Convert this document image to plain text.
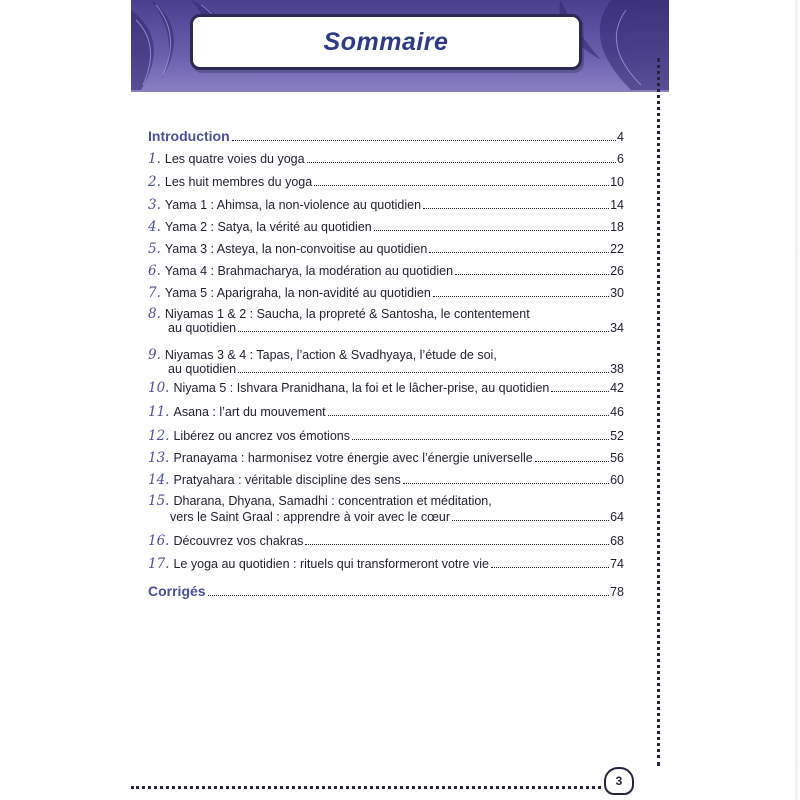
Sommaire
3
Introduction	4
1. Les quatre voies du yoga	6
2. Les huit membres du yoga	10
3. Yama 1 : Ahimsa, la non-violence au quotidien	14
4. Yama 2 : Satya, la vérité au quotidien	18
5. Yama 3 : Asteya, la non-convoitise au quotidien	22
6. Yama 4 : Brahmacharya, la modération au quotidien	26
7. Yama 5 : Aparigraha, la non-avidité au quotidien	30
8. Niyamas 1 & 2 : Saucha, la propreté & Santosha, le contentement
au quotidien	34
9. Niyamas 3 & 4 : Tapas, l’action & Svadhyaya, l’étude de soi,
au quotidien	38
10. Niyama 5 : Ishvara Pranidhana, la foi et le lâcher-prise, au quotidien	42
11. Asana : l’art du mouvement	46
12. Libérez ou ancrez vos émotions	52
13. Pranayama : harmonisez votre énergie avec l’énergie universelle	56
14. Pratyahara : véritable discipline des sens	60
15. Dharana, Dhyana, Samadhi : concentration et méditation,
vers le Saint Graal : apprendre à voir avec le cœur	64
16. Découvrez vos chakras	68
17. Le yoga au quotidien : rituels qui transformeront votre vie	74
Corrigés	78
